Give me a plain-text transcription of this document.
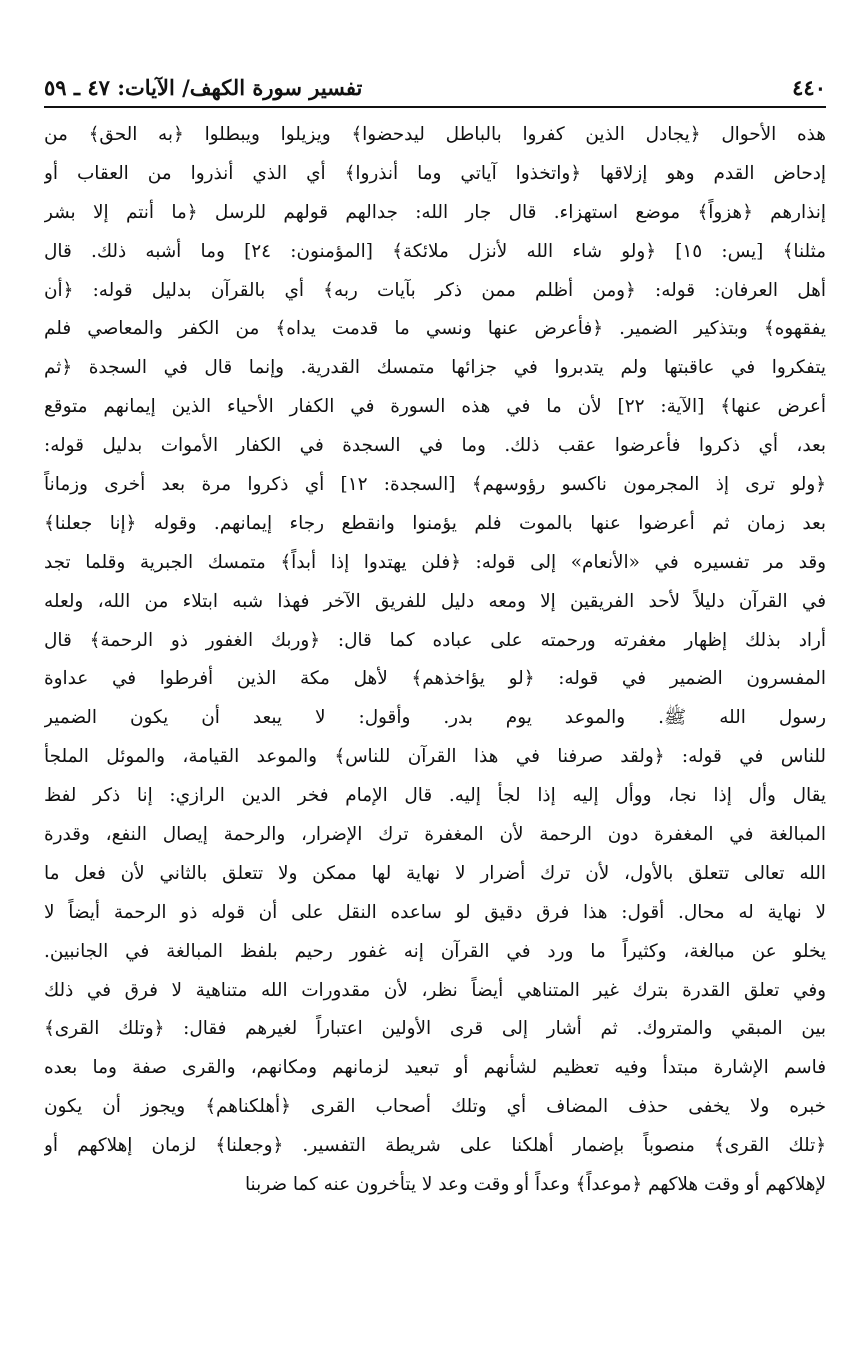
٤٤٠
تفسير سورة الكهف/ الآيات: ٤٧ ـ ٥٩
هذه الأحوال ﴿يجادل الذين كفروا بالباطل ليدحضوا﴾ ويزيلوا ويبطلوا ﴿به الحق﴾ من
إدحاض القدم وهو إزلاقها ﴿واتخذوا آياتي وما أنذروا﴾ أي الذي أنذروا من العقاب أو
إنذارهم ﴿هزواً﴾ موضع استهزاء. قال جار الله: جدالهم قولهم للرسل ﴿ما أنتم إلا بشر
مثلنا﴾ [يس: ١٥] ﴿ولو شاء الله لأنزل ملائكة﴾ [المؤمنون: ٢٤] وما أشبه ذلك. قال
أهل العرفان: قوله: ﴿ومن أظلم ممن ذكر بآيات ربه﴾ أي بالقرآن بدليل قوله: ﴿أن
يفقهوه﴾ وبتذكير الضمير. ﴿فأعرض عنها ونسي ما قدمت يداه﴾ من الكفر والمعاصي فلم
يتفكروا في عاقبتها ولم يتدبروا في جزائها متمسك القدرية. وإنما قال في السجدة ﴿ثم
أعرض عنها﴾ [الآية: ٢٢] لأن ما في هذه السورة في الكفار الأحياء الذين إيمانهم متوقع
بعد، أي ذكروا فأعرضوا عقب ذلك. وما في السجدة في الكفار الأموات بدليل قوله:
﴿ولو ترى إذ المجرمون ناكسو رؤوسهم﴾ [السجدة: ١٢] أي ذكروا مرة بعد أخرى وزماناً
بعد زمان ثم أعرضوا عنها بالموت فلم يؤمنوا وانقطع رجاء إيمانهم. وقوله ﴿إنا جعلنا﴾
وقد مر تفسيره في «الأنعام» إلى قوله: ﴿فلن يهتدوا إذا أبداً﴾ متمسك الجبرية وقلما تجد
في القرآن دليلاً لأحد الفريقين إلا ومعه دليل للفريق الآخر فهذا شبه ابتلاء من الله، ولعله
أراد بذلك إظهار مغفرته ورحمته على عباده كما قال: ﴿وربك الغفور ذو الرحمة﴾ قال
المفسرون الضمير في قوله: ﴿لو يؤاخذهم﴾ لأهل مكة الذين أفرطوا في عداوة
رسول الله ﷺ. والموعد يوم بدر. وأقول: لا يبعد أن يكون الضمير
للناس في قوله: ﴿ولقد صرفنا في هذا القرآن للناس﴾ والموعد القيامة، والموئل الملجأ
يقال وأل إذا نجا، ووأل إليه إذا لجأ إليه. قال الإمام فخر الدين الرازي: إنا ذكر لفظ
المبالغة في المغفرة دون الرحمة لأن المغفرة ترك الإضرار، والرحمة إيصال النفع، وقدرة
الله تعالى تتعلق بالأول، لأن ترك أضرار لا نهاية لها ممكن ولا تتعلق بالثاني لأن فعل ما
لا نهاية له محال. أقول: هذا فرق دقيق لو ساعده النقل على أن قوله ذو الرحمة أيضاً لا
يخلو عن مبالغة، وكثيراً ما ورد في القرآن إنه غفور رحيم بلفظ المبالغة في الجانبين.
وفي تعلق القدرة بترك غير المتناهي أيضاً نظر، لأن مقدورات الله متناهية لا فرق في ذلك
بين المبقي والمتروك. ثم أشار إلى قرى الأولين اعتباراً لغيرهم فقال: ﴿وتلك القرى﴾
فاسم الإشارة مبتدأ وفيه تعظيم لشأنهم أو تبعيد لزمانهم ومكانهم، والقرى صفة وما بعده
خبره ولا يخفى حذف المضاف أي وتلك أصحاب القرى ﴿أهلكناهم﴾ ويجوز أن يكون
﴿تلك القرى﴾ منصوباً بإضمار أهلكنا على شريطة التفسير. ﴿وجعلنا﴾ لزمان إهلاكهم أو
لإهلاكهم أو وقت هلاكهم ﴿موعداً﴾ وعداً أو وقت وعد لا يتأخرون عنه كما ضربنا
